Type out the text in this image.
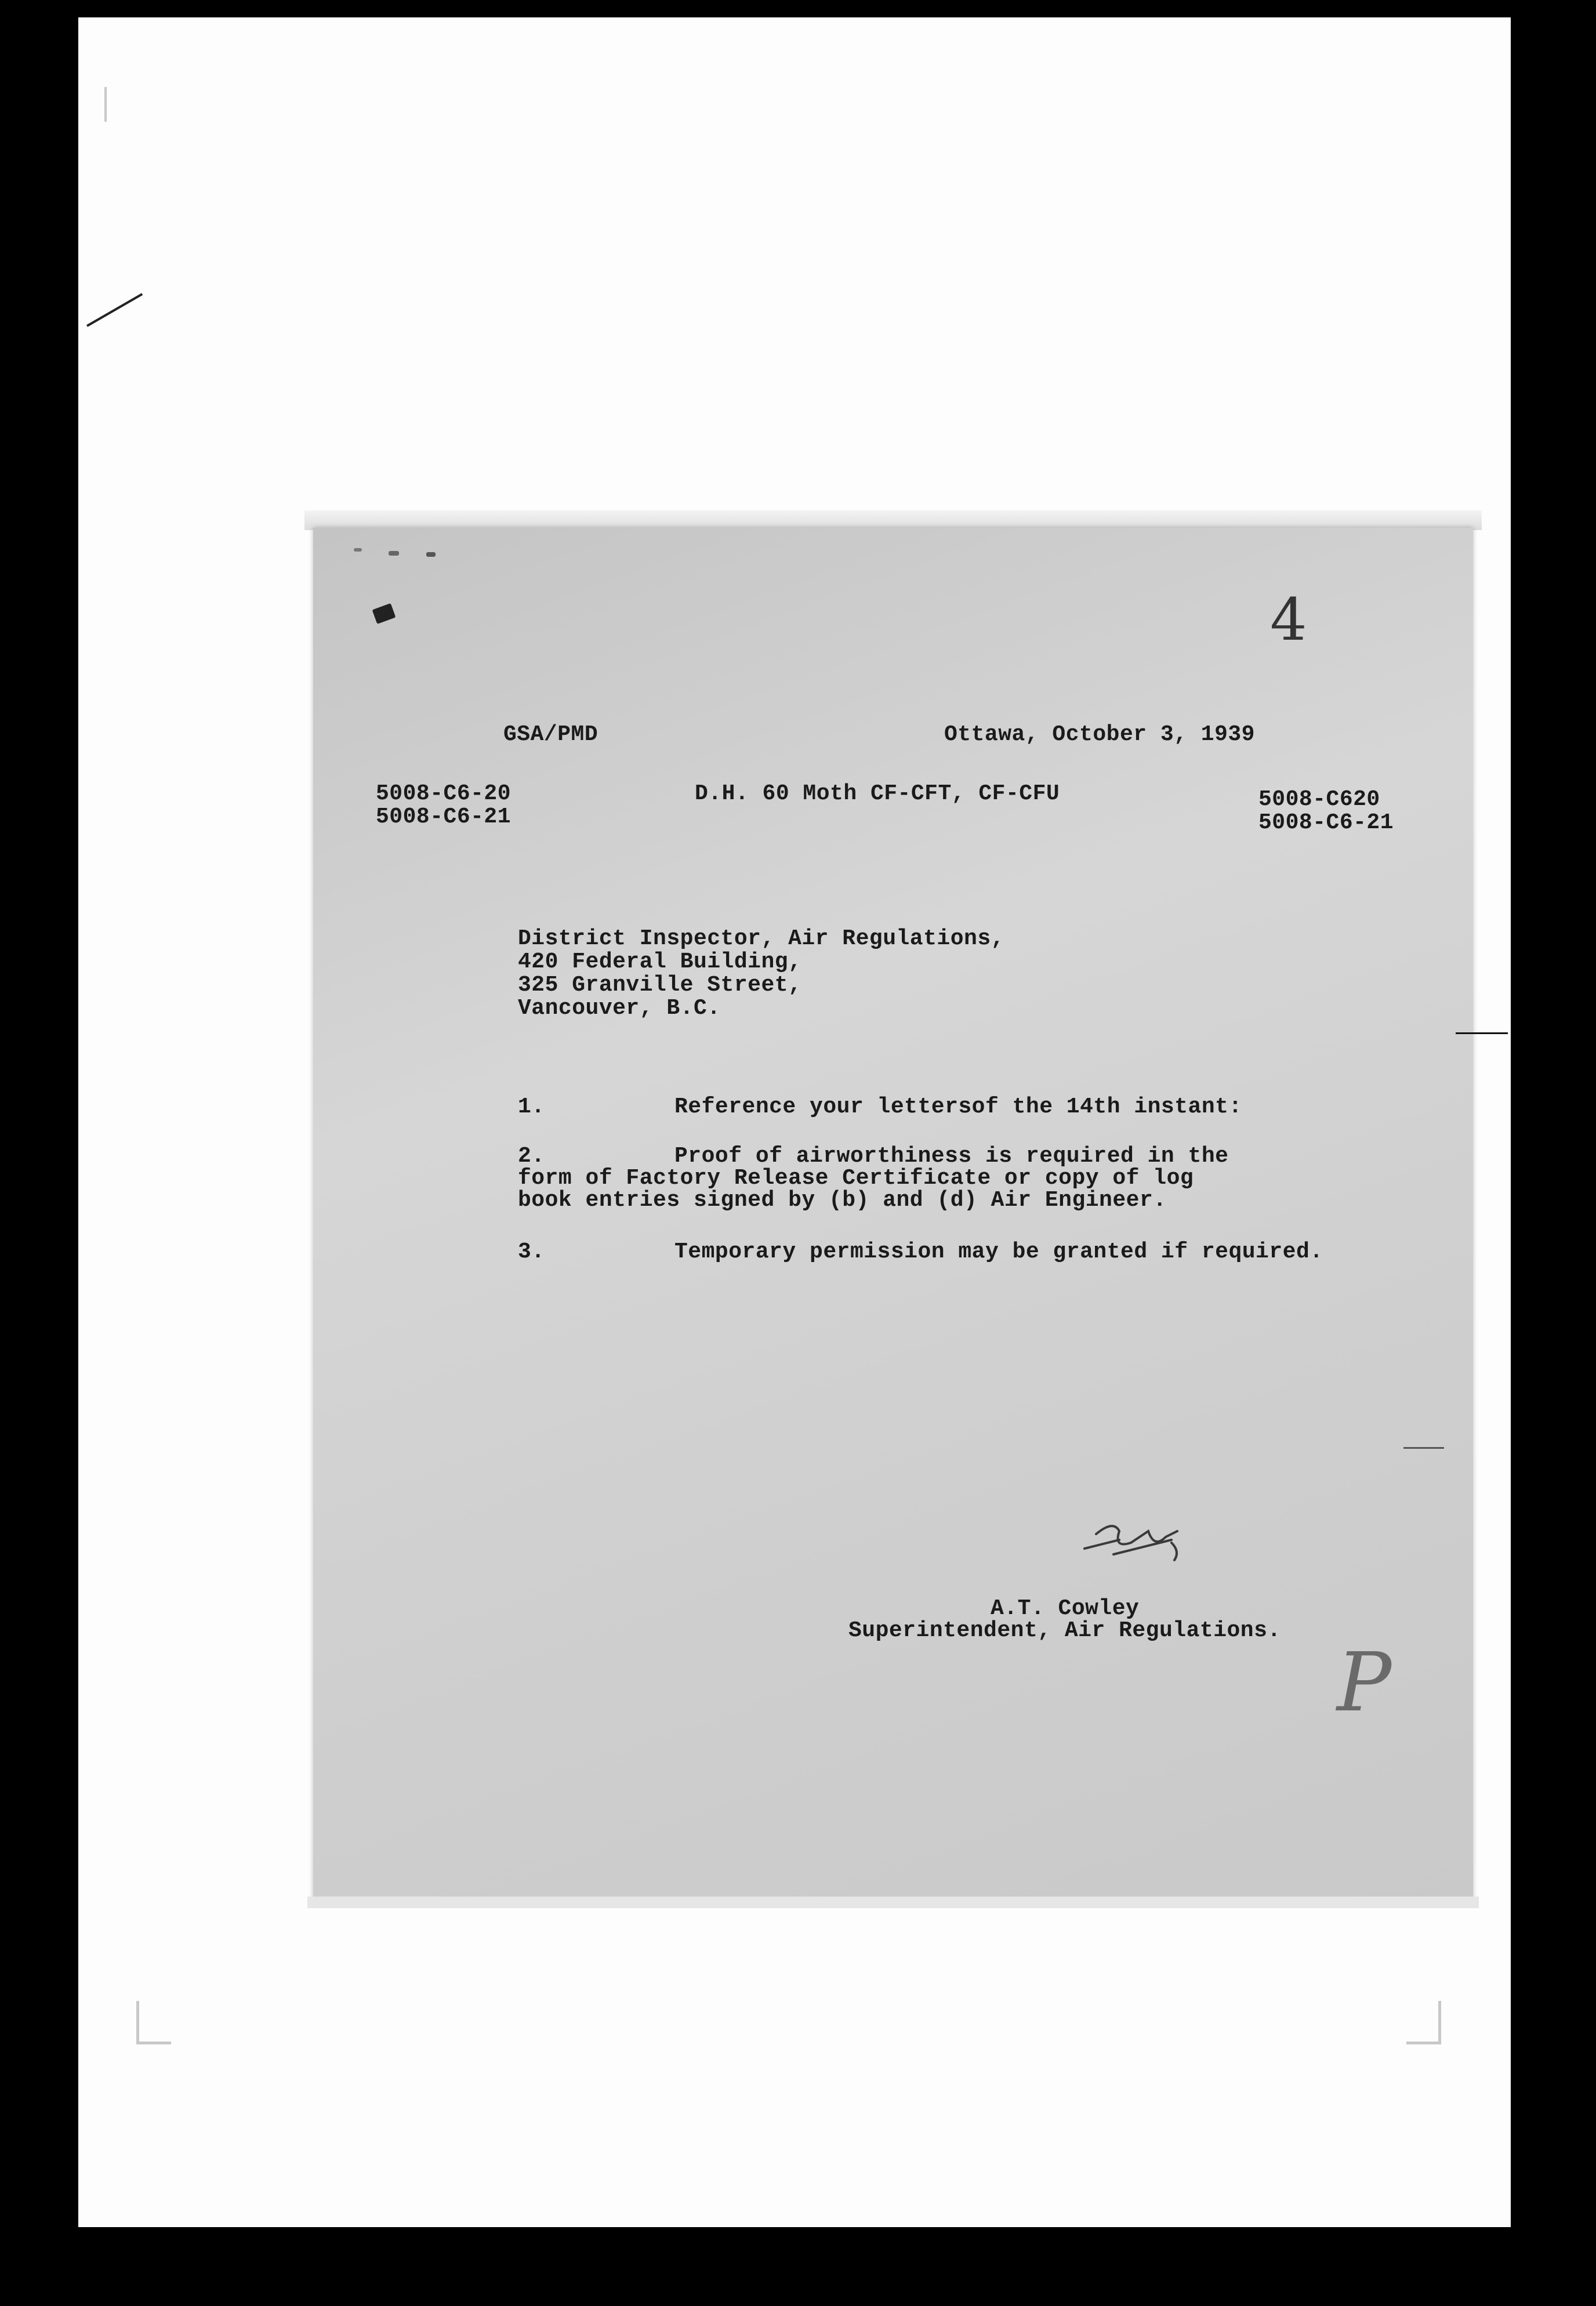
4
GSA/PMD	Ottawa, October 3, 1939
5008-C6-20
5008-C6-21
D.H. 60 Moth CF-CFT, CF-CFU	5008-C620
5008-C6-21
District Inspector, Air Regulations,
420 Federal Building,
325 Granville Street,
Vancouver, B.C.
1.	Reference your lettersof the 14th instant:
2.	Proof of airworthiness is required in the
form of Factory Release Certificate or copy of log
book entries signed by (b) and (d) Air Engineer.
3.	Temporary permission may be granted if required.
A.T. Cowley
Superintendent, Air Regulations.
P
